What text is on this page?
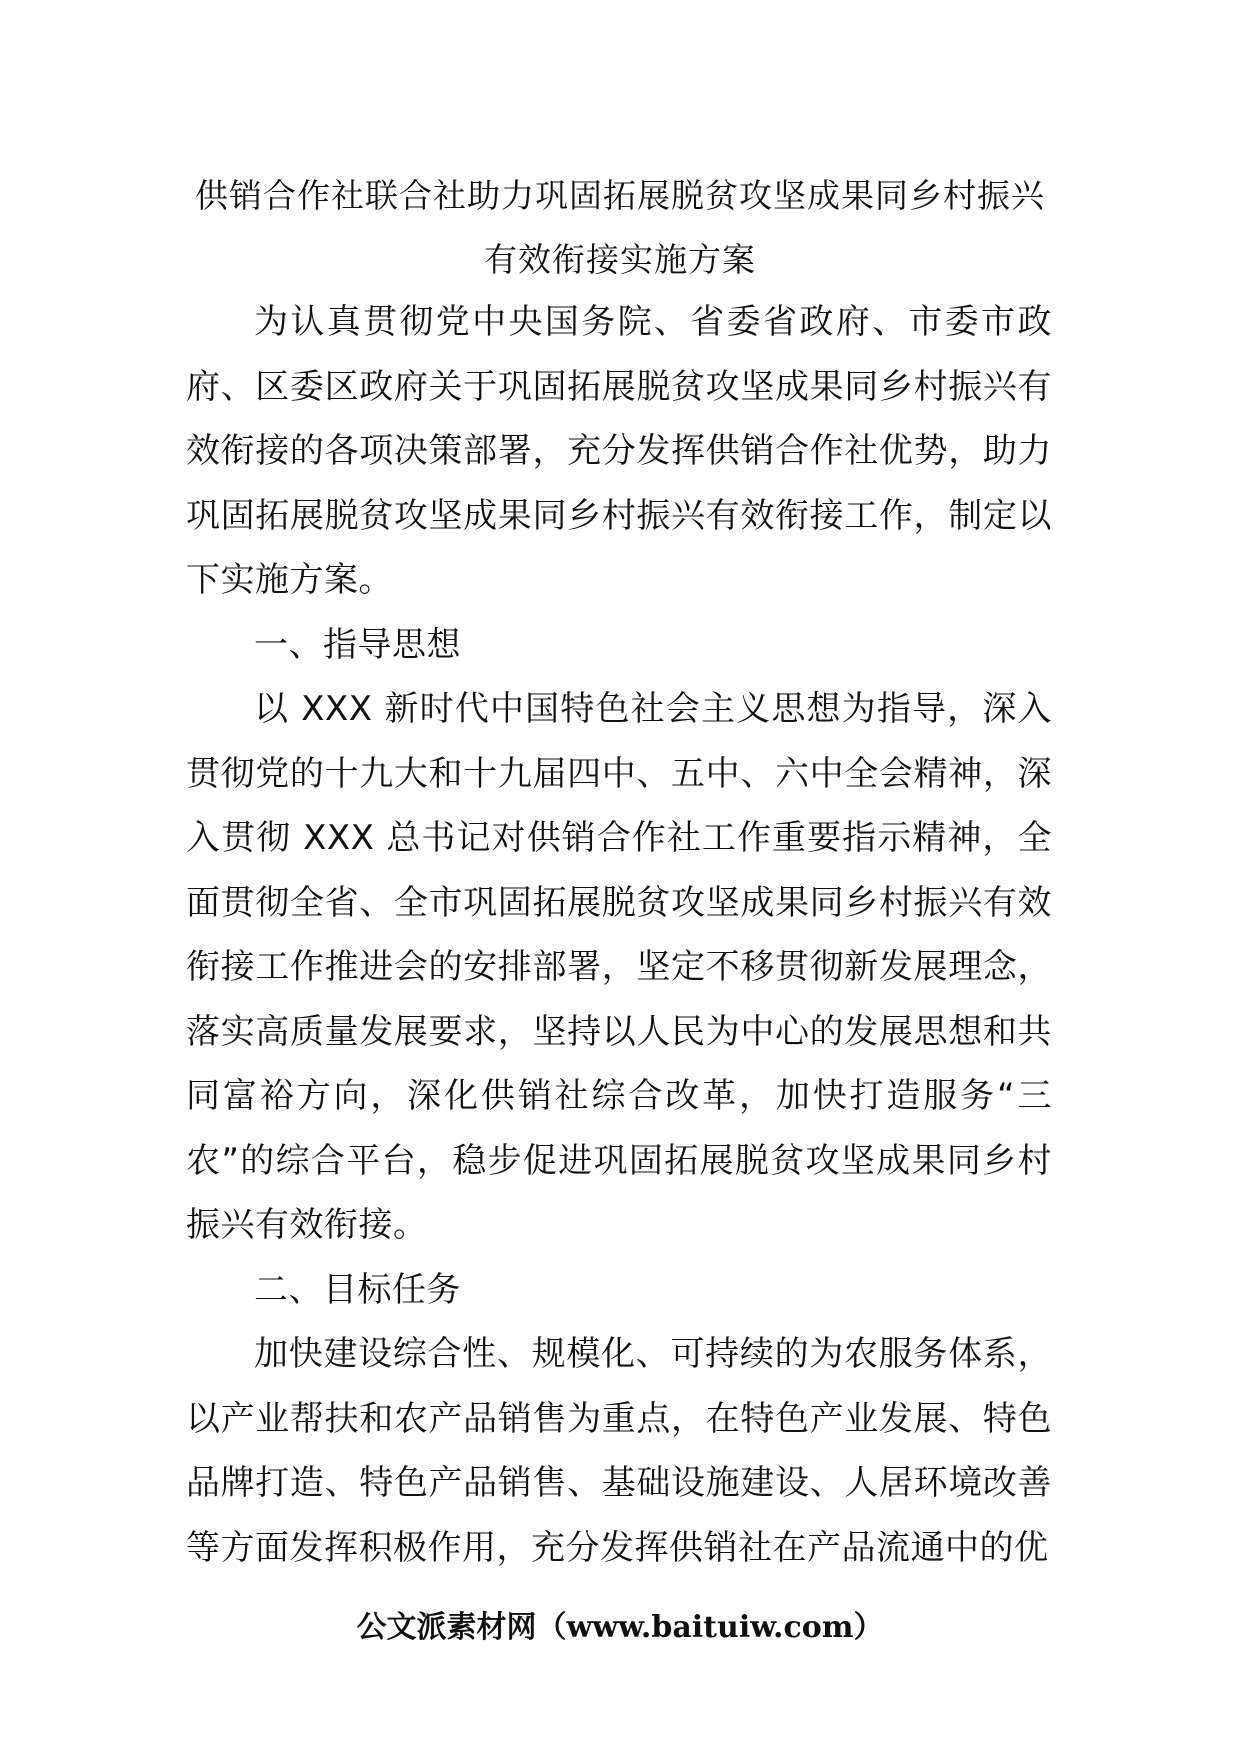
供销合作社联合社助力巩固拓展脱贫攻坚成果同乡村振兴
有效衔接实施方案

为认真贯彻党中央国务院、省委省政府、市委市政府、区委区政府关于巩固拓展脱贫攻坚成果同乡村振兴有效衔接的各项决策部署，充分发挥供销合作社优势，助力巩固拓展脱贫攻坚成果同乡村振兴有效衔接工作，制定以下实施方案。

一、指导思想

以 XXX 新时代中国特色社会主义思想为指导，深入贯彻党的十九大和十九届四中、五中、六中全会精神，深入贯彻 XXX 总书记对供销合作社工作重要指示精神，全面贯彻全省、全市巩固拓展脱贫攻坚成果同乡村振兴有效衔接工作推进会的安排部署，坚定不移贯彻新发展理念，落实高质量发展要求，坚持以人民为中心的发展思想和共同富裕方向，深化供销社综合改革，加快打造服务“三农”的综合平台，稳步促进巩固拓展脱贫攻坚成果同乡村振兴有效衔接。

二、目标任务

加快建设综合性、规模化、可持续的为农服务体系，以产业帮扶和农产品销售为重点，在特色产业发展、特色品牌打造、特色产品销售、基础设施建设、人居环境改善等方面发挥积极作用，充分发挥供销社在产品流通中的优

公文派素材网（www.baituiw.com）
